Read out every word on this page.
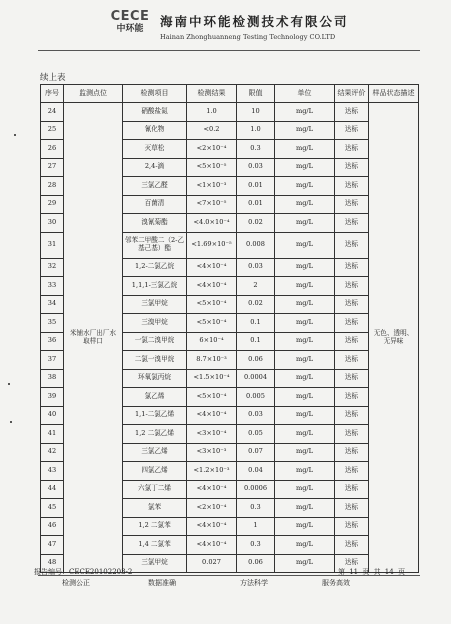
CECE
中环能	海南中环能检测技术有限公司
Hainan Zhonghuanneng Testing Technology CO.LTD
续上表
序号	监测点位	检测项目	检测结果	限值	单位	结果评价	样品状态描述
24	米铺水厂出厂水取样口	硝酸盐氮	1.0	10	mg/L	达标	无色、透明、无异味
25		氰化物	<0.2	1.0	mg/L	达标	
26		灭草松	<2×10⁻⁴	0.3	mg/L	达标	
27		2,4-滴	<5×10⁻⁵	0.03	mg/L	达标	
28		三氯乙醛	<1×10⁻³	0.01	mg/L	达标	
29		百菌清	<7×10⁻⁵	0.01	mg/L	达标	
30		溴氰菊酯	<4.0×10⁻⁴	0.02	mg/L	达标	
31		邻苯二甲酸二（2-乙基己基）酯	<1.69×10⁻⁵	0.008	mg/L	达标	
32		1,2-二氯乙烷	<4×10⁻⁴	0.03	mg/L	达标	
33		1,1,1-三氯乙烷	<4×10⁻⁴	2	mg/L	达标	
34		三氯甲烷	<5×10⁻⁴	0.02	mg/L	达标	
35		三溴甲烷	<5×10⁻⁴	0.1	mg/L	达标	
36		一氯二溴甲烷	6×10⁻⁴	0.1	mg/L	达标	
37		二氯一溴甲烷	8.7×10⁻³	0.06	mg/L	达标	
38		环氧氯丙烷	<1.5×10⁻⁴	0.0004	mg/L	达标	
39		氯乙烯	<5×10⁻⁴	0.005	mg/L	达标	
40		1,1-二氯乙烯	<4×10⁻⁴	0.03	mg/L	达标	
41		1,2 二氯乙烯	<3×10⁻⁴	0.05	mg/L	达标	
42		三氯乙烯	<3×10⁻³	0.07	mg/L	达标	
43		四氯乙烯	<1.2×10⁻³	0.04	mg/L	达标	
44		六氯丁二烯	<4×10⁻⁴	0.0006	mg/L	达标	
45		氯苯	<2×10⁻⁴	0.3	mg/L	达标	
46		1,2 二氯苯	<4×10⁻⁴	1	mg/L	达标	
47		1,4 二氯苯	<4×10⁻⁴	0.3	mg/L	达标	
48		三氯甲烷	0.027	0.06	mg/L	达标	
报告编号：CECE20102203-2	第 11 页 共 14 页
检测公正	数据准确	方法科学	服务高效
